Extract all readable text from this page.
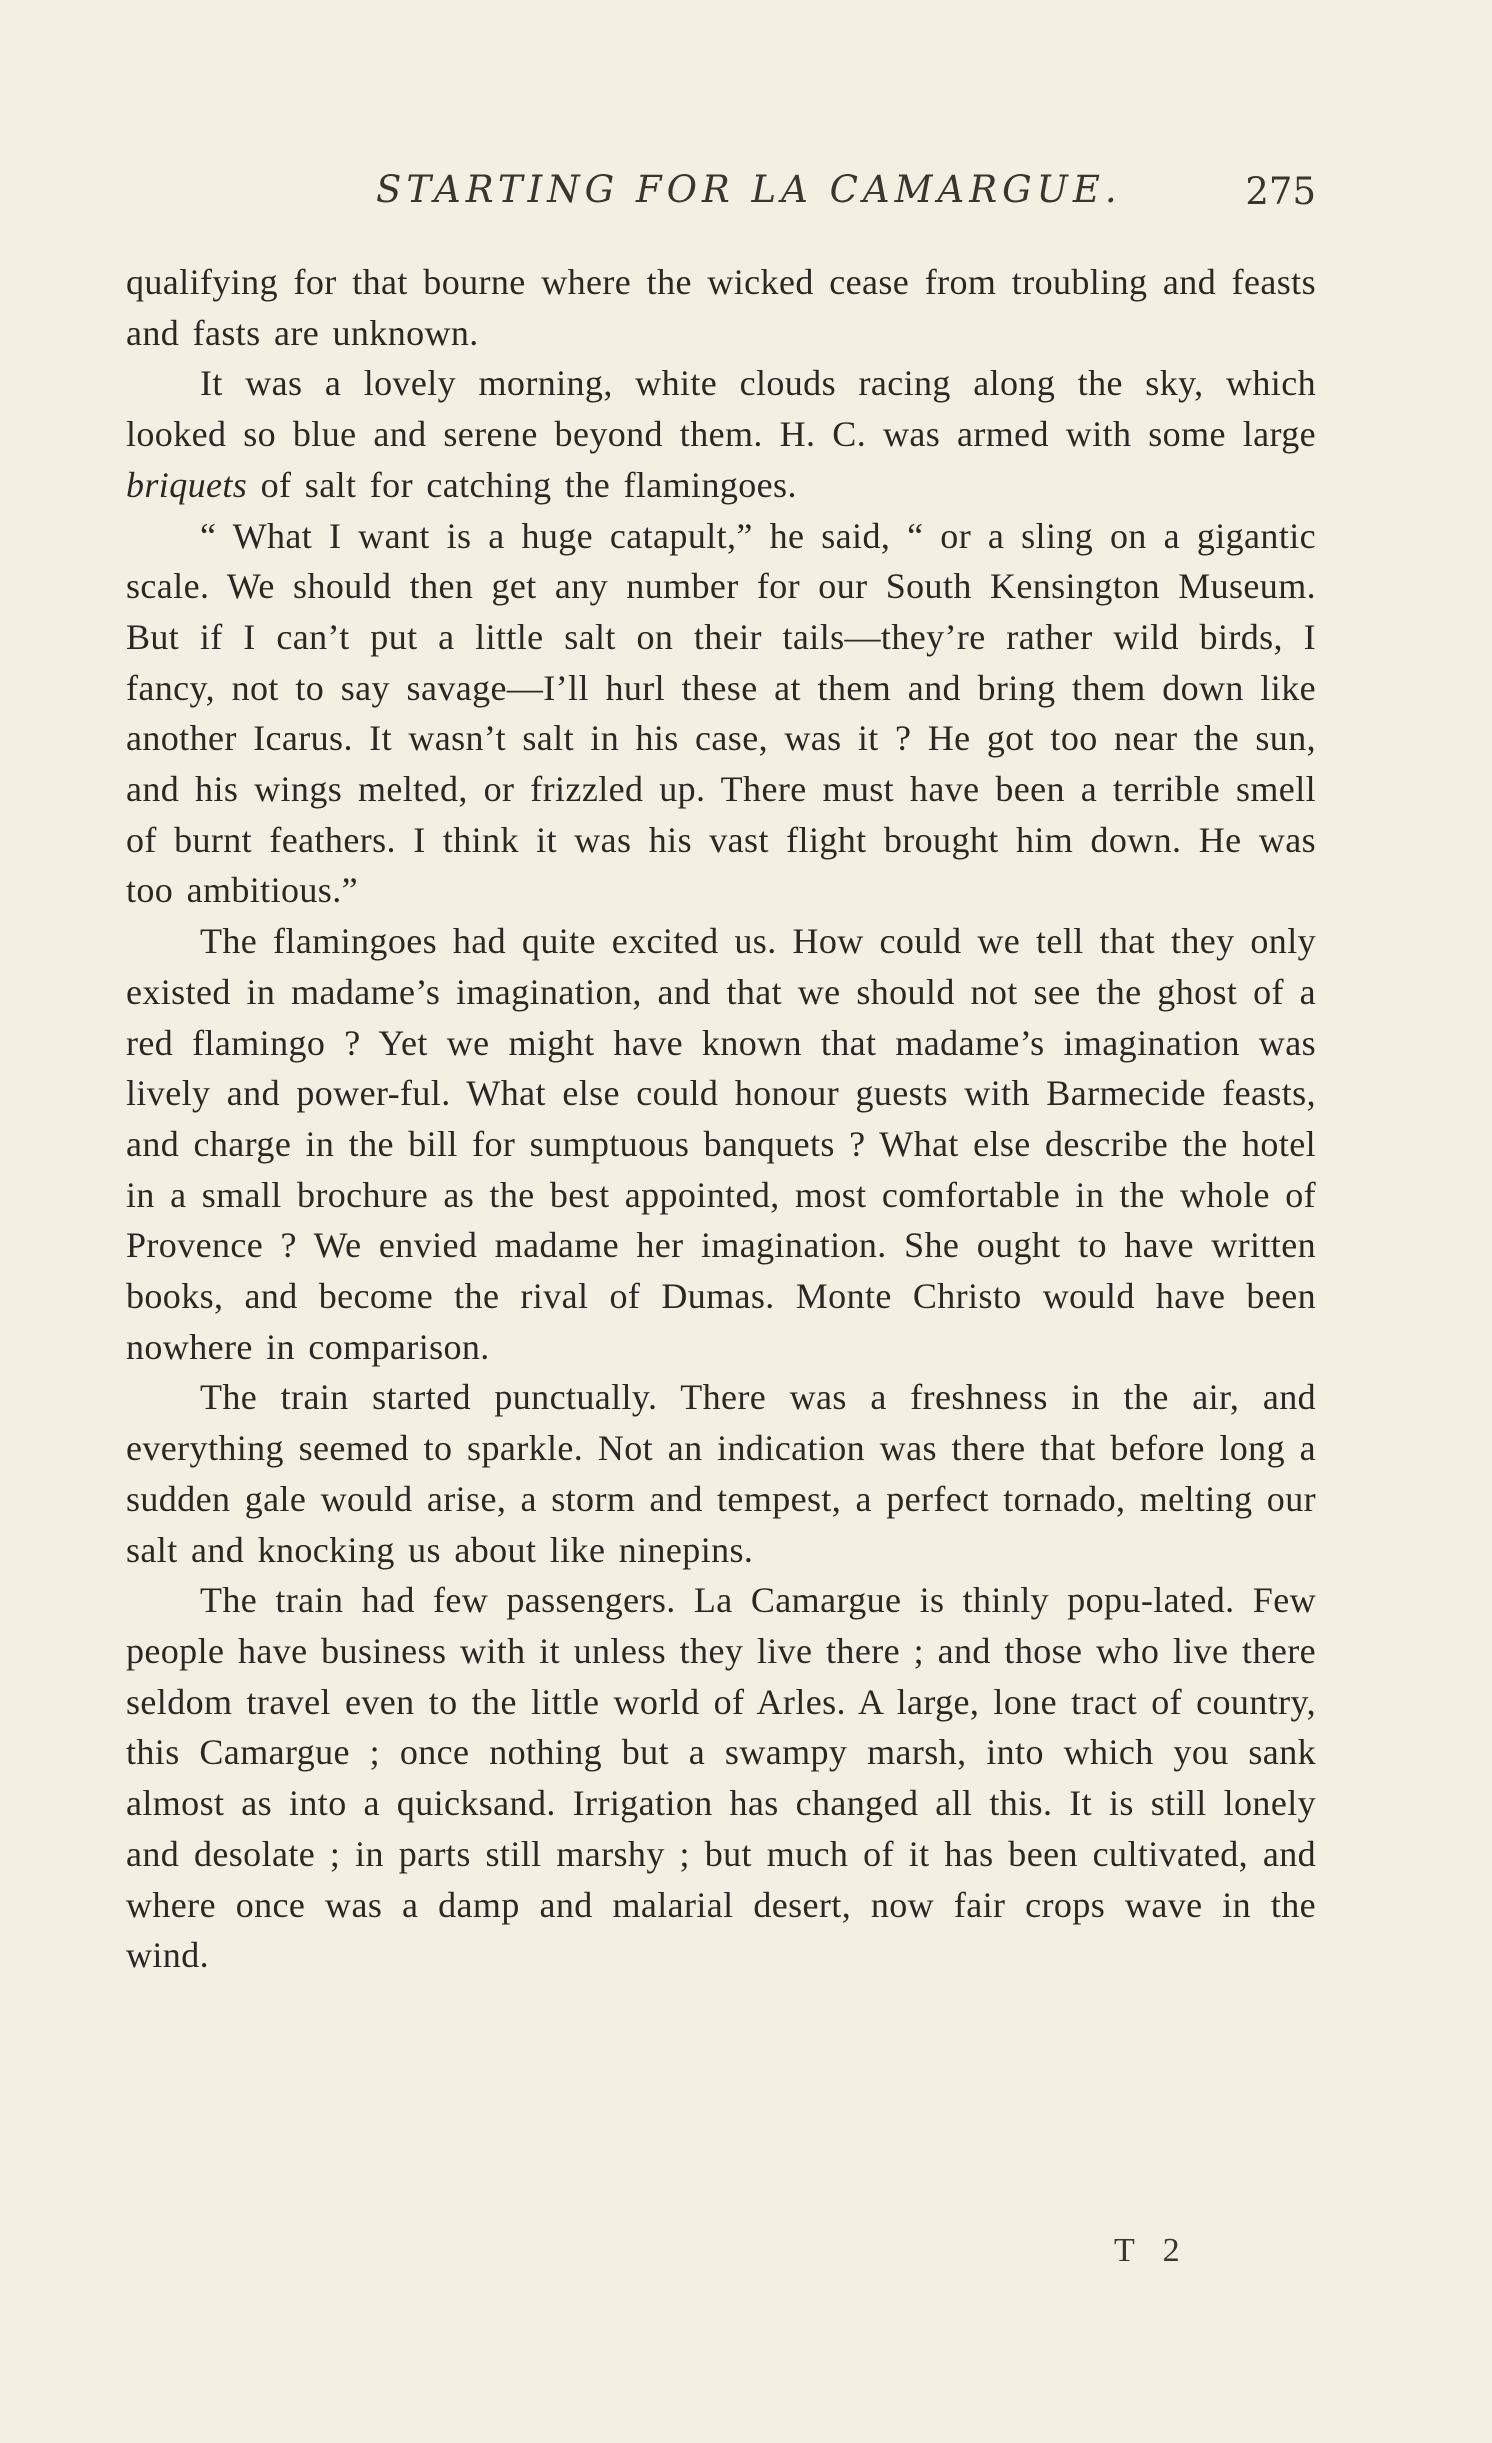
STARTING FOR LA CAMARGUE.	275

qualifying for that bourne where the wicked cease from troubling and feasts and fasts are unknown.

It was a lovely morning, white clouds racing along the sky, which looked so blue and serene beyond them. H. C. was armed with some large briquets of salt for catching the flamingoes.

“ What I want is a huge catapult,” he said, “ or a sling on a gigantic scale. We should then get any number for our South Kensington Museum. But if I can’t put a little salt on their tails—they’re rather wild birds, I fancy, not to say savage—I’ll hurl these at them and bring them down like another Icarus. It wasn’t salt in his case, was it ? He got too near the sun, and his wings melted, or frizzled up. There must have been a terrible smell of burnt feathers. I think it was his vast flight brought him down. He was too ambitious.”

The flamingoes had quite excited us. How could we tell that they only existed in madame’s imagination, and that we should not see the ghost of a red flamingo ? Yet we might have known that madame’s imagination was lively and power-ful. What else could honour guests with Barmecide feasts, and charge in the bill for sumptuous banquets ? What else describe the hotel in a small brochure as the best appointed, most comfortable in the whole of Provence ? We envied madame her imagination. She ought to have written books, and become the rival of Dumas. Monte Christo would have been nowhere in comparison.

The train started punctually. There was a freshness in the air, and everything seemed to sparkle. Not an indication was there that before long a sudden gale would arise, a storm and tempest, a perfect tornado, melting our salt and knocking us about like ninepins.

The train had few passengers. La Camargue is thinly popu-lated. Few people have business with it unless they live there ; and those who live there seldom travel even to the little world of Arles. A large, lone tract of country, this Camargue ; once nothing but a swampy marsh, into which you sank almost as into a quicksand. Irrigation has changed all this. It is still lonely and desolate ; in parts still marshy ; but much of it has been cultivated, and where once was a damp and malarial desert, now fair crops wave in the wind.

T 2
